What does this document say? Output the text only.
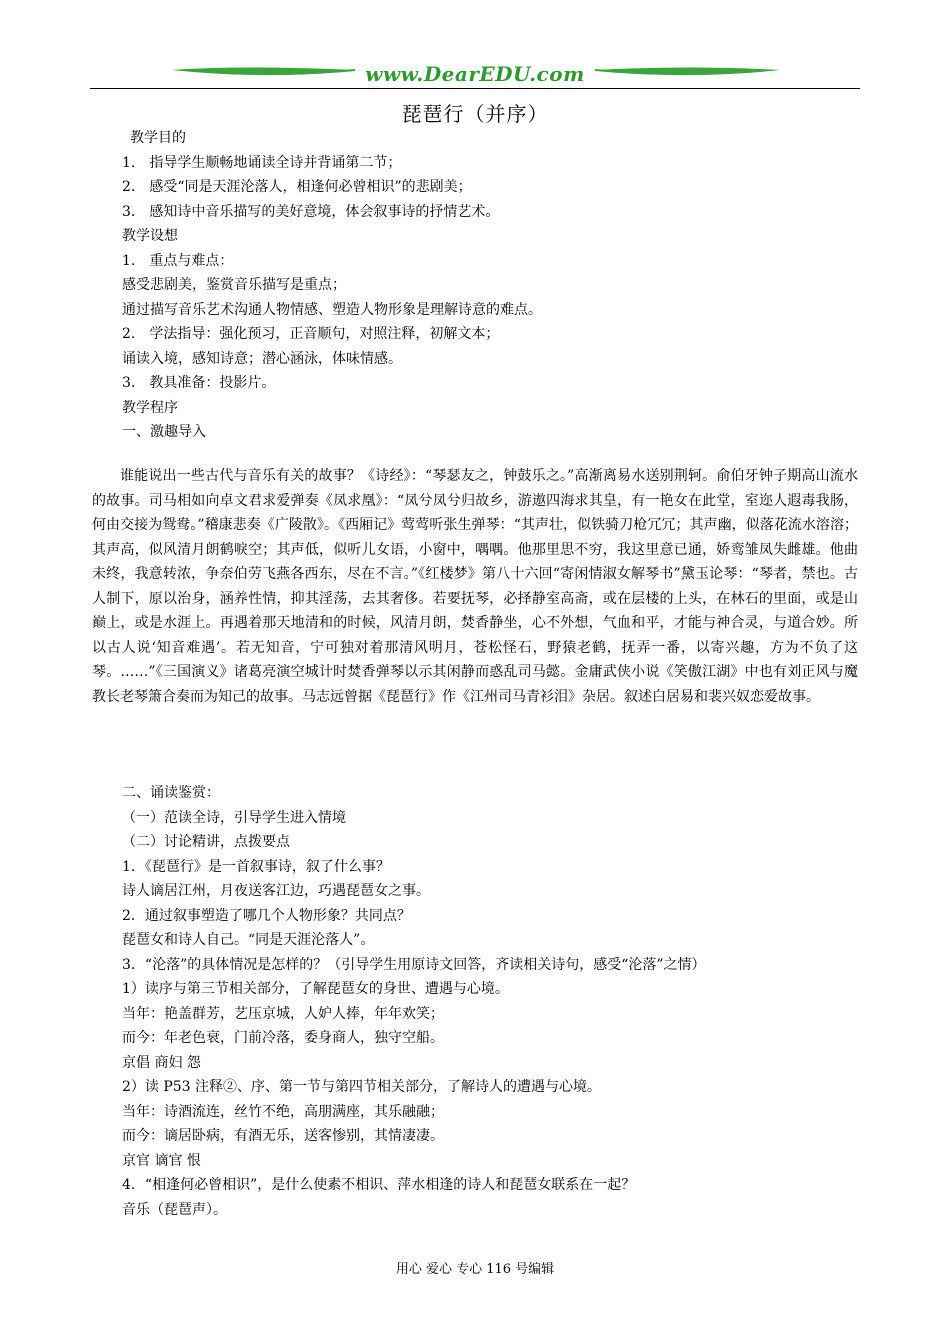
www.DearEDU.com
琵琶行（并序）
教学目的
1.　指导学生顺畅地诵读全诗并背诵第二节；
2.　感受“同是天涯沦落人，相逢何必曾相识”的悲剧美；
3.　感知诗中音乐描写的美好意境，体会叙事诗的抒情艺术。
教学设想
1.　重点与难点：
感受悲剧美，鉴赏音乐描写是重点；
通过描写音乐艺术沟通人物情感、塑造人物形象是理解诗意的难点。
2.　学法指导：强化预习，正音顺句，对照注释，初解文本；
诵读入境，感知诗意；潜心涵泳，体味情感。
3.　教具准备：投影片。
教学程序
一、激趣导入
谁能说出一些古代与音乐有关的故事？《诗经》：“琴瑟友之，钟鼓乐之。”高渐离易水送别荆轲。俞伯牙钟子期高山流水的故事。司马相如向卓文君求爱弹奏《凤求凰》：“凤兮凤兮归故乡，游遨四海求其皇，有一艳女在此堂，室迩人遐毒我肠，何由交接为鸳鸯。”稽康悲奏《广陵散》。《西厢记》莺莺听张生弹琴：“其声壮，似铁骑刀枪冗冗；其声幽，似落花流水溶溶；其声高，似风清月朗鹤唳空；其声低，似听儿女语，小窗中，喁喁。他那里思不穷，我这里意已通，娇鸾雏凤失雌雄。他曲未终，我意转浓，争奈伯劳飞燕各西东，尽在不言。”《红楼梦》第八十六回“寄闲情淑女解琴书”黛玉论琴：“琴者，禁也。古人制下，原以治身，涵养性情，抑其淫荡，去其奢侈。若要抚琴，必择静室高斋，或在层楼的上头，在林石的里面，或是山巅上，或是水涯上。再遇着那天地清和的时候，风清月朗，焚香静坐，心不外想，气血和平，才能与神合灵，与道合妙。所以古人说‘知音难遇’。若无知音，宁可独对着那清风明月，苍松怪石，野猿老鹤，抚弄一番，以寄兴趣，方为不负了这琴。……”《三国演义》诸葛亮演空城计时焚香弹琴以示其闲静而惑乱司马懿。金庸武侠小说《笑傲江湖》中也有刘正风与魔教长老琴箫合奏而为知己的故事。马志远曾据《琵琶行》作《江州司马青衫泪》杂居。叙述白居易和裴兴奴恋爱故事。
二、诵读鉴赏：
（一）范读全诗，引导学生进入情境
（二）讨论精讲，点拨要点
1．《琵琶行》是一首叙事诗，叙了什么事？
诗人谪居江州，月夜送客江边，巧遇琵琶女之事。
2．通过叙事塑造了哪几个人物形象？共同点？
琵琶女和诗人自己。“同是天涯沦落人”。
3．“沦落”的具体情况是怎样的？（引导学生用原诗文回答，齐读相关诗句，感受“沦落”之情）
1）读序与第三节相关部分，了解琵琶女的身世、遭遇与心境。
当年：艳盖群芳，艺压京城，人妒人捧，年年欢笑；
而今：年老色衰，门前冷落，委身商人，独守空船。
京倡 商妇 怨
2）读 P53 注释②、序、第一节与第四节相关部分，了解诗人的遭遇与心境。
当年：诗酒流连，丝竹不绝，高朋满座，其乐融融；
而今：谪居卧病，有酒无乐，送客惨别，其情凄凄。
京官 谪官 恨
4．“相逢何必曾相识”，是什么使素不相识、萍水相逢的诗人和琵琶女联系在一起？
音乐（琵琶声）。
用心 爱心 专心 116 号编辑
